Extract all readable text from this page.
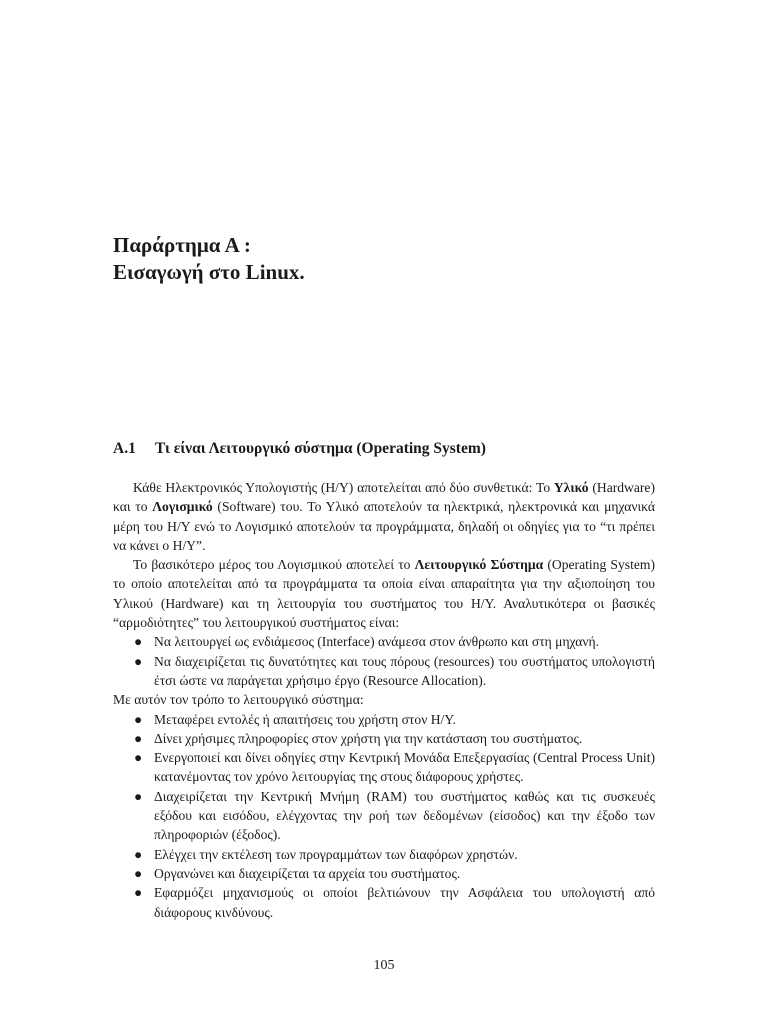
Παράρτημα Α :
Εισαγωγή στο Linux.
A.1 Τι είναι Λειτουργικό σύστημα (Operating System)

Κάθε Ηλεκτρονικός Υπολογιστής (Η/Υ) αποτελείται από δύο συνθετικά: Το Υλικό (Hardware) και το Λογισμικό (Software) του. Το Υλικό αποτελούν τα ηλεκτρικά, ηλεκτρονικά και μηχανικά μέρη του Η/Υ ενώ το Λογισμικό αποτελούν τα προγράμματα, δηλαδή οι οδηγίες για το “τι πρέπει να κάνει ο Η/Υ”.

Το βασικότερο μέρος του Λογισμικού αποτελεί το Λειτουργικό Σύστημα (Operating System) το οποίο αποτελείται από τα προγράμματα τα οποία είναι απαραίτητα για την αξιοποίηση του Υλικού (Hardware) και τη λειτουργία του συστήματος του Η/Υ. Αναλυτικότερα οι βασικές “αρμοδιότητες” του λειτουργικού συστήματος είναι:

● Να λειτουργεί ως ενδιάμεσος (Interface) ανάμεσα στον άνθρωπο και στη μηχανή.
● Να διαχειρίζεται τις δυνατότητες και τους πόρους (resources) του συστήματος υπολογιστή έτσι ώστε να παράγεται χρήσιμο έργο (Resource Allocation).

Με αυτόν τον τρόπο το λειτουργικό σύστημα:

● Μεταφέρει εντολές ή απαιτήσεις του χρήστη στον Η/Υ.
● Δίνει χρήσιμες πληροφορίες στον χρήστη για την κατάσταση του συστήματος.
● Ενεργοποιεί και δίνει οδηγίες στην Κεντρική Μονάδα Επεξεργασίας (Central Process Unit) κατανέμοντας τον χρόνο λειτουργίας της στους διάφορους χρήστες.
● Διαχειρίζεται την Κεντρική Μνήμη (RAM) του συστήματος καθώς και τις συσκευές εξόδου και εισόδου, ελέγχοντας την ροή των δεδομένων (είσοδος) και την έξοδο των πληροφοριών (έξοδος).
● Ελέγχει την εκτέλεση των προγραμμάτων των διαφόρων χρηστών.
● Οργανώνει και διαχειρίζεται τα αρχεία του συστήματος.
● Εφαρμόζει μηχανισμούς οι οποίοι βελτιώνουν την Ασφάλεια του υπολογιστή από διάφορους κινδύνους.
105
